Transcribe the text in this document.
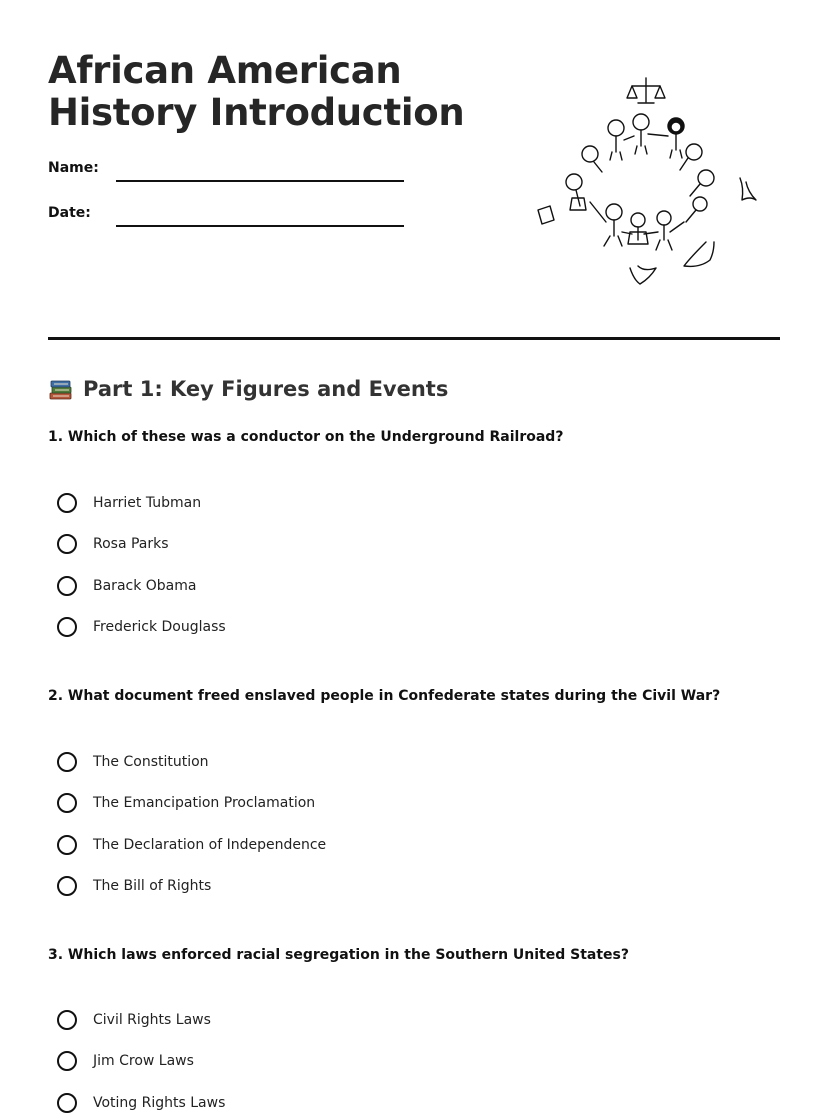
African American
History Introduction
Name:
Date:
Part 1: Key Figures and Events
1. Which of these was a conductor on the Underground Railroad?
Harriet Tubman
Rosa Parks
Barack Obama
Frederick Douglass
2. What document freed enslaved people in Confederate states during the Civil War?
The Constitution
The Emancipation Proclamation
The Declaration of Independence
The Bill of Rights
3. Which laws enforced racial segregation in the Southern United States?
Civil Rights Laws
Jim Crow Laws
Voting Rights Laws
